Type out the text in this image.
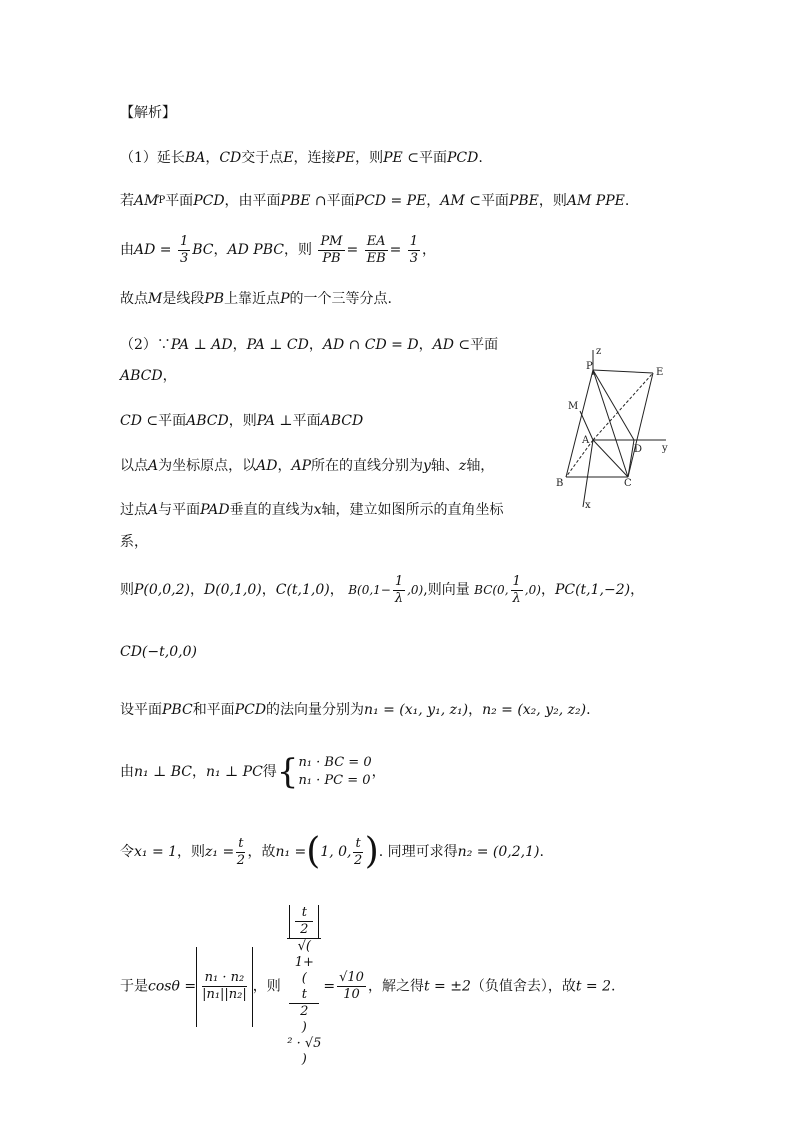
【解析】
（1）延长BA，CD交于点E，连接PE，则PE ⊂平面PCD.
若$AM^Ƥ$平面PCD，由平面PBE ∩平面PCD = PE，AM ⊂平面PBE，则AM PPE.
由AD = $\frac{1}{3}$ BC，AD PBC，则 $\frac{PM}{PB} = \frac{EA}{EB} = \frac{1}{3}$ ，
故点M是线段PB上靠近点P的一个三等分点.
（2）∵PA ⊥ AD，PA ⊥ CD，AD ∩ CD = D，AD ⊂平面
ABCD，
CD ⊂平面ABCD，则PA ⊥平面ABCD
以点A为坐标原点，以AD，AP所在的直线分别为y轴、z轴，
过点A与平面PAD垂直的直线为x轴，建立如图所示的直角坐标
系，
则P(0,0,2)，D(0,1,0)，C(t,1,0)， $B(0,1- \frac{1}{\lambda} ,0)$,则向量 BC(0, $\frac{1}{\lambda} ,0$)，PC(t,1,−2)，
CD(−t,0,0)
设平面PBC和平面PCD的法向量分别为n₁ = (x₁, y₁, z₁)，n₂ = (x₂, y₂, z₂).
由n₁ ⊥ BC，n₁ ⊥ PC得{ n₁ · BC = 0
n₁ · PC = 0
，
令x₁ = 1，则$z_1 = \frac{t}{2}$ ，故n₁ =(1, 0, $\frac{t}{2}$ ). 同理可求得n₂ = (0,2,1).
于是$\cos\theta = \frac{\text{n₁ · n₂}}{\text{|n₁||n₂|}}$ ，则 t
2
√(
1+
(
t
2
)
² · √5
) = $\frac{√10}{10}$ ，解之得t = ±2（负值舍去），故t = 2.
z
P
E
M
A
D y
B	C
x
